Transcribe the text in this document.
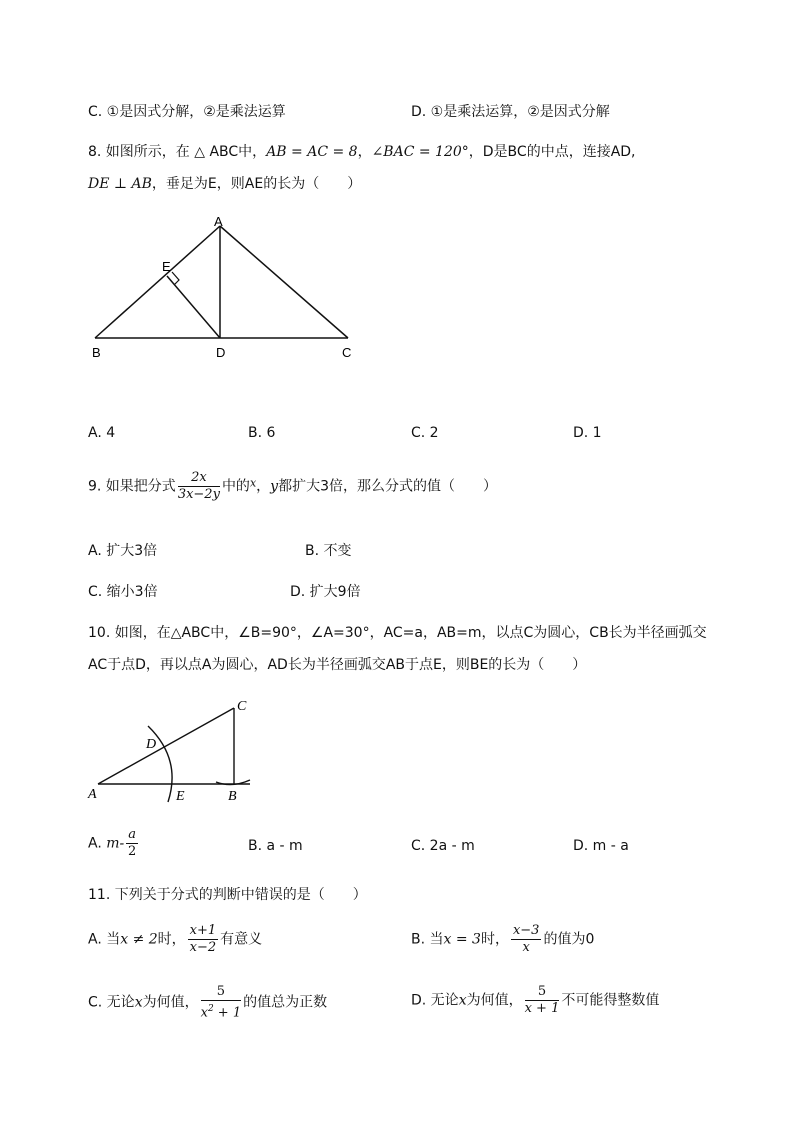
C. ①是因式分解，②是乘法运算	D. ①是乘法运算，②是因式分解
8. 如图所示，在 △ ABC中，AB = AC = 8，∠BAC = 120°，D是BC的中点，连接AD,
DE ⊥ AB，垂足为E，则AE的长为（　　）
A
E
B	D	C
A. 4	B. 6	C. 2	D. 1
9. 如果把分式 $\frac{2x}{3x-2y}$ 中的$^x$，y都扩大3倍，那么分式的值（　　）
A. 扩大3倍	B. 不变
C. 缩小3倍	D. 扩大9倍
10. 如图，在△ABC中，∠B=90°，∠A=30°，AC=a，AB=m，以点C为圆心，CB长为半径画弧交
AC于点D，再以点A为圆心，AD长为半径画弧交AB于点E，则BE的长为（　　）
C
D
A	E	B
A. $m- \frac{a}{2}$	B. a - m	C. 2a - m	D. m - a
11. 下列关于分式的判断中错误的是（　　）
A. 当x ≠ 2时， $\frac{x+1}{x-2}$ 有意义	B. 当x = 3时， $\frac{x-3}{x}$ 的值为0
C. 无论x为何值， $\frac{5}{x^2 + 1}$ 的值总为正数	D. 无论x为何值， $\frac{5}{x + 1}$ 不可能得整数值
